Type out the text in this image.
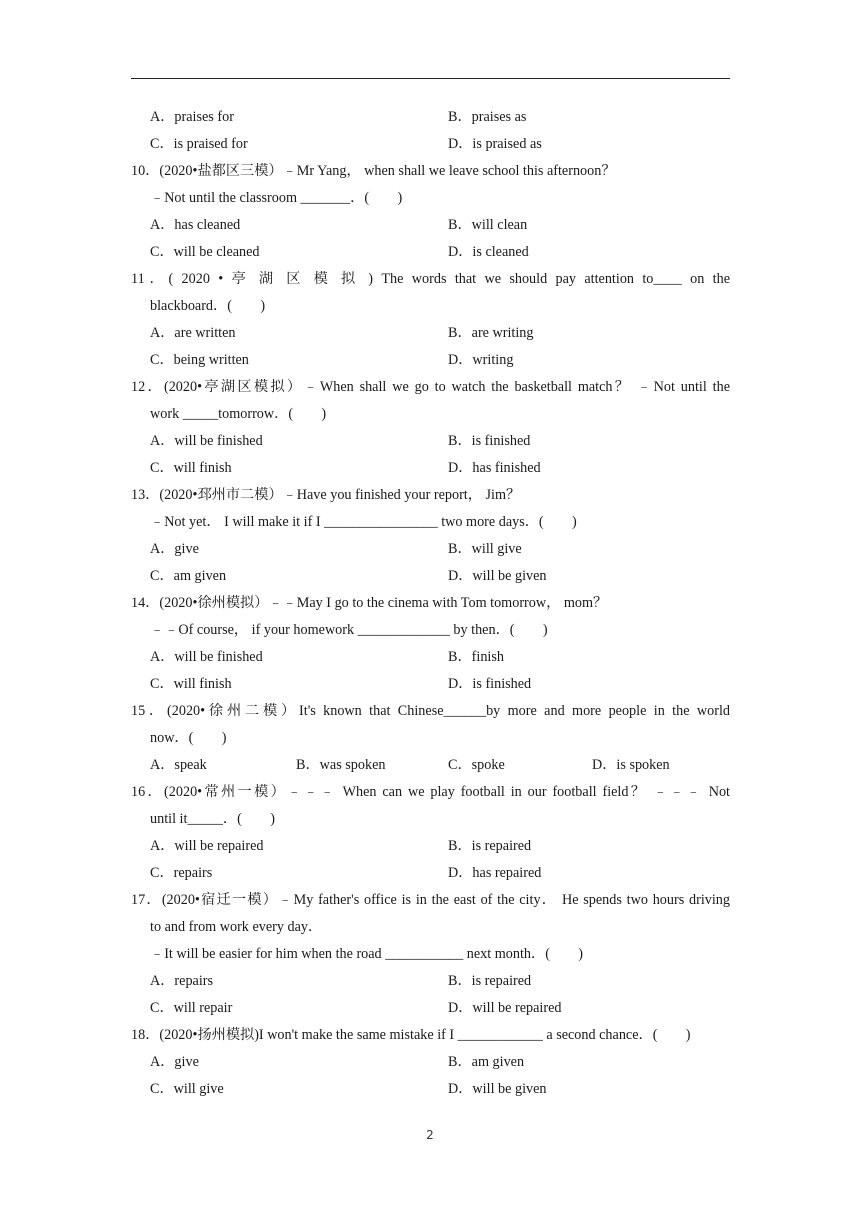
A．praises for	B．praises as
C．is praised for	D．is praised as
10．(2020•盐都区三模）﹣Mr Yang， when shall we leave school this afternoon？
﹣Not until the classroom _______．(　　)
A．has cleaned	B．will clean
C．will be cleaned	D．is cleaned
11．( 2020 • 亭 湖 区 模 拟 ) The words that we should pay attention to____ on the
blackboard．(　　)
A．are written	B．are writing
C．being written	D．writing
12．(2020•亭湖区模拟）﹣When shall we go to watch the basketball match？ ﹣Not until the
work _____tomorrow．(　　)
A．will be finished	B．is finished
C．will finish	D．has finished
13．(2020•邳州市二模）﹣Have you finished your report， Jim？
﹣Not yet． I will make it if I ________________ two more days．(　　)
A．give	B．will give
C．am given	D．will be given
14．(2020•徐州模拟）﹣﹣May I go to the cinema with Tom tomorrow， mom？
﹣﹣Of course， if your homework _____________ by then．(　　)
A．will be finished	B．finish
C．will finish	D．is finished
15．(2020•徐州二模）It's known that Chinese______by more and more people in the world
now．(　　)
A．speak	B．was spoken	C．spoke	D．is spoken
16．(2020•常州一模）﹣﹣﹣ When can we play football in our football field？ ﹣﹣﹣ Not
until it_____．(　　)
A．will be repaired	B．is repaired
C．repairs	D．has repaired
17．(2020•宿迁一模）﹣My father's office is in the east of the city． He spends two hours driving
to and from work every day．
﹣It will be easier for him when the road ___________ next month．(　　)
A．repairs	B．is repaired
C．will repair	D．will be repaired
18．(2020•扬州模拟)I won't make the same mistake if I ____________ a second chance．(　　)
A．give	B．am given
C．will give	D．will be given
2
